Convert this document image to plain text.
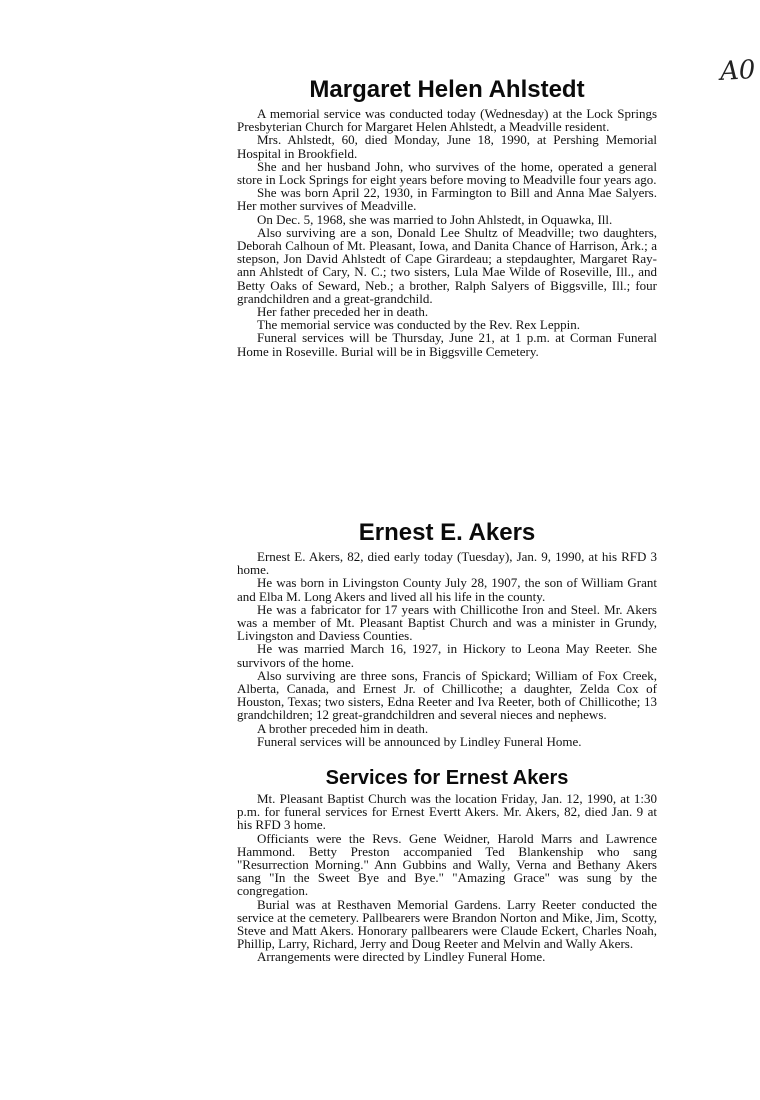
A0
Margaret Helen Ahlstedt

A memorial service was conducted today (Wednesday) at the Lock Springs Presbyterian Church for Margaret Helen Ahlstedt, a Meadville resident.

Mrs. Ahlstedt, 60, died Monday, June 18, 1990, at Pershing Memorial Hospital in Brookfield.

She and her husband John, who survives of the home, operated a general store in Lock Springs for eight years before moving to Meadville four years ago.

She was born April 22, 1930, in Farmington to Bill and Anna Mae Salyers. Her mother survives of Meadville.

On Dec. 5, 1968, she was married to John Ahlstedt, in Oquawka, Ill.

Also surviving are a son, Donald Lee Shultz of Meadville; two daughters, Deborah Calhoun of Mt. Pleasant, Iowa, and Danita Chance of Harrison, Ark.; a stepson, Jon David Ahlstedt of Cape Girardeau; a stepdaughter, Margaret Ray-ann Ahlstedt of Cary, N. C.; two sisters, Lula Mae Wilde of Roseville, Ill., and Betty Oaks of Seward, Neb.; a brother, Ralph Salyers of Biggsville, Ill.; four grandchildren and a great-grandchild.

Her father preceded her in death.

The memorial service was conducted by the Rev. Rex Leppin.

Funeral services will be Thursday, June 21, at 1 p.m. at Corman Funeral Home in Roseville. Burial will be in Biggsville Cemetery.

Ernest E. Akers

Ernest E. Akers, 82, died early today (Tuesday), Jan. 9, 1990, at his RFD 3 home.

He was born in Livingston County July 28, 1907, the son of William Grant and Elba M. Long Akers and lived all his life in the county.

He was a fabricator for 17 years with Chillicothe Iron and Steel. Mr. Akers was a member of Mt. Pleasant Baptist Church and was a minister in Grundy, Livingston and Daviess Counties.

He was married March 16, 1927, in Hickory to Leona May Reeter. She survivors of the home.

Also surviving are three sons, Francis of Spickard; William of Fox Creek, Alberta, Canada, and Ernest Jr. of Chillicothe; a daughter, Zelda Cox of Houston, Texas; two sisters, Edna Reeter and Iva Reeter, both of Chillicothe; 13 grandchildren; 12 great-grandchildren and several nieces and nephews.

A brother preceded him in death.

Funeral services will be announced by Lindley Funeral Home.

Services for Ernest Akers

Mt. Pleasant Baptist Church was the location Friday, Jan. 12, 1990, at 1:30 p.m. for funeral services for Ernest Evertt Akers. Mr. Akers, 82, died Jan. 9 at his RFD 3 home.

Officiants were the Revs. Gene Weidner, Harold Marrs and Lawrence Hammond. Betty Preston accompanied Ted Blankenship who sang "Resurrection Morning." Ann Gubbins and Wally, Verna and Bethany Akers sang "In the Sweet Bye and Bye." "Amazing Grace" was sung by the congregation.

Burial was at Resthaven Memorial Gardens. Larry Reeter conducted the service at the cemetery. Pallbearers were Brandon Norton and Mike, Jim, Scotty, Steve and Matt Akers. Honorary pallbearers were Claude Eckert, Charles Noah, Phillip, Larry, Richard, Jerry and Doug Reeter and Melvin and Wally Akers.

Arrangements were directed by Lindley Funeral Home.
